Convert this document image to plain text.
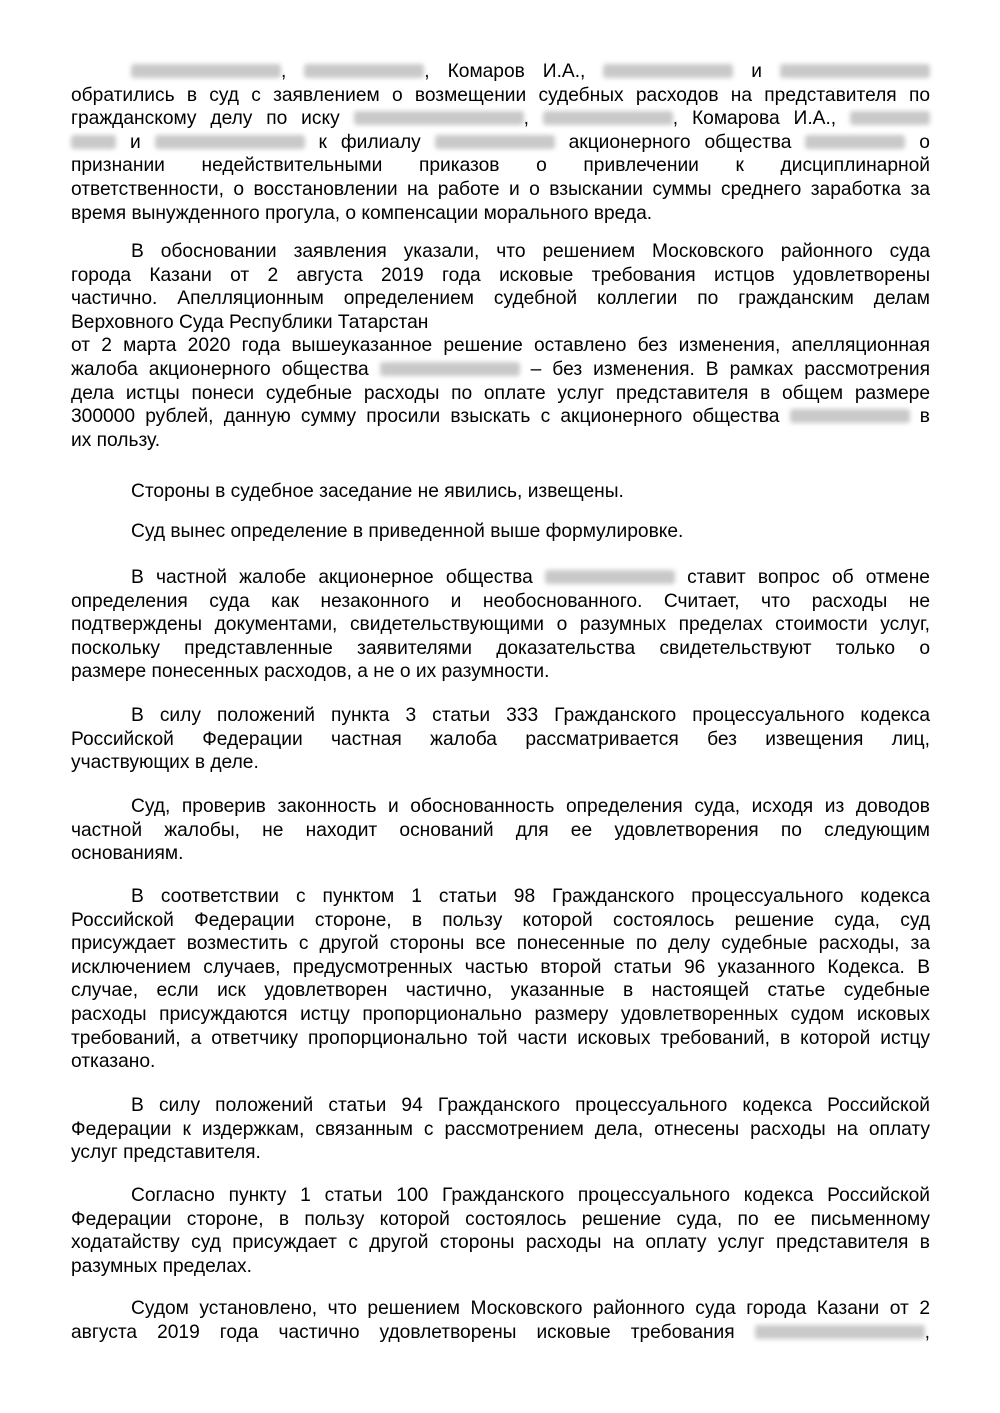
,	, Комаров И.А.,	и
обратились в суд с заявлением о возмещении судебных расходов на представителя по
гражданскому делу по иску	,	, Комарова И.А.,
и	к филиалу	акционерного общества	о
признании недействительными приказов о привлечении к дисциплинарной
ответственности, о восстановлении на работе и о взыскании суммы среднего заработка за
время вынужденного прогула, о компенсации морального вреда.
В обосновании заявления указали, что решением Московского районного суда
города Казани от 2 августа 2019 года исковые требования истцов удовлетворены
частично. Апелляционным определением судебной коллегии по гражданским делам
Верховного Суда Республики Татарстан
от 2 марта 2020 года вышеуказанное решение оставлено без изменения, апелляционная
жалоба акционерного общества	– без изменения. В рамках рассмотрения
дела истцы понеси судебные расходы по оплате услуг представителя в общем размере
300000 рублей, данную сумму просили взыскать с акционерного общества	в
их пользу.
Стороны в судебное заседание не явились, извещены.
Суд вынес определение в приведенной выше формулировке.
В частной жалобе акционерное общества	ставит вопрос об отмене
определения суда как незаконного и необоснованного. Считает, что расходы не
подтверждены документами, свидетельствующими о разумных пределах стоимости услуг,
поскольку представленные заявителями доказательства свидетельствуют только о
размере понесенных расходов, а не о их разумности.
В силу положений пункта 3 статьи 333 Гражданского процессуального кодекса
Российской Федерации частная жалоба рассматривается без извещения лиц,
участвующих в деле.
Суд, проверив законность и обоснованность определения суда, исходя из доводов
частной жалобы, не находит оснований для ее удовлетворения по следующим
основаниям.
В соответствии с пунктом 1 статьи 98 Гражданского процессуального кодекса
Российской Федерации стороне, в пользу которой состоялось решение суда, суд
присуждает возместить с другой стороны все понесенные по делу судебные расходы, за
исключением случаев, предусмотренных частью второй статьи 96 указанного Кодекса. В
случае, если иск удовлетворен частично, указанные в настоящей статье судебные
расходы присуждаются истцу пропорционально размеру удовлетворенных судом исковых
требований, а ответчику пропорционально той части исковых требований, в которой истцу
отказано.
В силу положений статьи 94 Гражданского процессуального кодекса Российской
Федерации к издержкам, связанным с рассмотрением дела, отнесены расходы на оплату
услуг представителя.
Согласно пункту 1 статьи 100 Гражданского процессуального кодекса Российской
Федерации стороне, в пользу которой состоялось решение суда, по ее письменному
ходатайству суд присуждает с другой стороны расходы на оплату услуг представителя в
разумных пределах.
Судом установлено, что решением Московского районного суда города Казани от 2
августа 2019 года частично удовлетворены исковые требования	,
